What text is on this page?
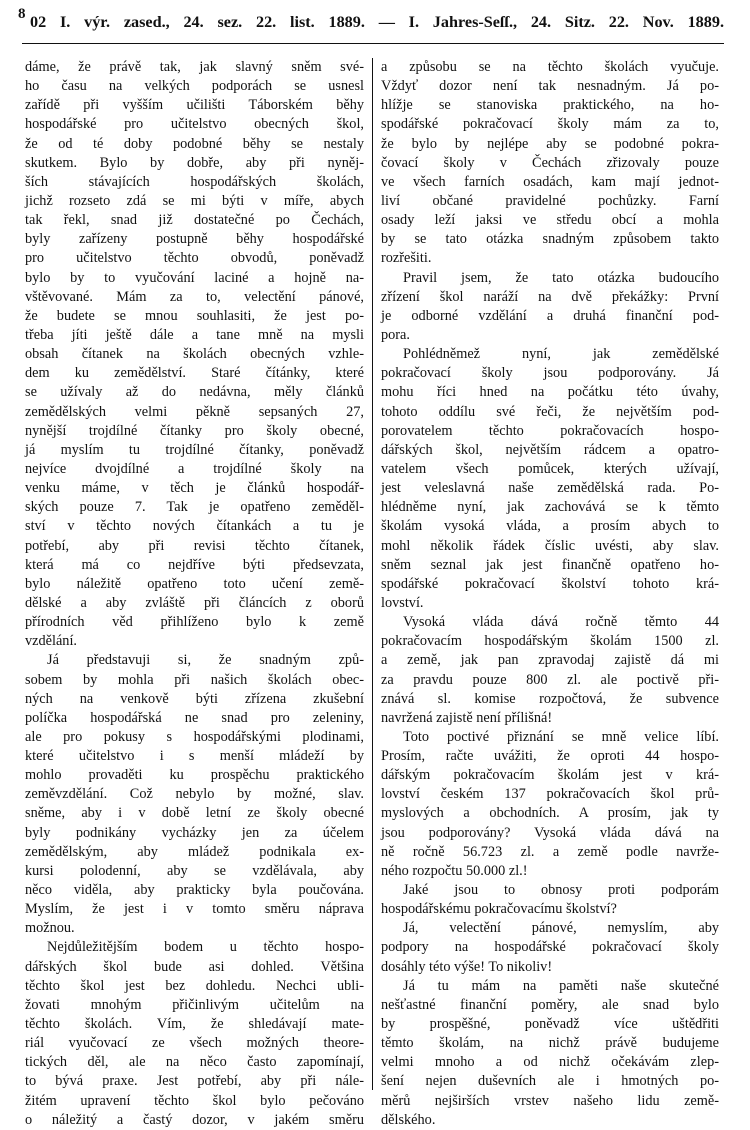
8 02 I. výr. zased., 24. sez. 22. list. 1889. — I. Jahres-Seſſ., 24. Sitz. 22. Nov. 1889.
dáme, že právě tak, jak slavný sněm své-
ho času na velkých podporách se usnesl
zařídě při vyšším učilišti Táborském běhy
hospodářské pro učitelstvo obecných škol,
že od té doby podobné běhy se nestaly
skutkem. Bylo by dobře, aby při nyněj-
ších stávajících hospodářských školách,
jichž rozseto zdá se mi býti v míře, abych
tak řekl, snad již dostatečné po Čechách,
byly zařízeny postupně běhy hospodářské
pro učitelstvo těchto obvodů, poněvadž
bylo by to vyučování laciné a hojně na-
vštěvované. Mám za to, velectění pánové,
že budete se mnou souhlasiti, že jest po-
třeba jíti ještě dále a tane mně na mysli
obsah čítanek na školách obecných vzhle-
dem ku zemědělství. Staré čítánky, které
se užívaly až do nedávna, měly článků
zemědělských velmi pěkně sepsaných 27,
nynější trojdílné čítanky pro školy obecné,
já myslím tu trojdílné čítanky, poněvadž
nejvíce dvojdílné a trojdílné školy na
venku máme, v těch je článků hospodář-
ských pouze 7. Tak je opatřeno zeměděl-
ství v těchto nových čítankách a tu je
potřebí, aby při revisi těchto čítanek,
která má co nejdříve býti předsevzata,
bylo náležitě opatřeno toto učení země-
dělské a aby zvláště při článcích z oborů
přírodních věd přihlíženo bylo k země
vzdělání.
Já představuji si, že snadným způ-
sobem by mohla při našich školách obec-
ných na venkově býti zřízena zkušební
políčka hospodářská ne snad pro zeleniny,
ale pro pokusy s hospodářskými plodinami,
které učitelstvo i s menší mládeží by
mohlo provaděti ku prospěchu praktického
zeměvzdělání. Což nebylo by možné, slav.
sněme, aby i v době letní ze školy obecné
byly podnikány vycházky jen za účelem
zemědělským, aby mládež podnikala ex-
kursi polodenní, aby se vzdělávala, aby
něco viděla, aby prakticky byla poučována.
Myslím, že jest i v tomto směru náprava
možnou.
Nejdůležitějším bodem u těchto hospo-
dářských škol bude asi dohled. Většina
těchto škol jest bez dohledu. Nechci ubli-
žovati mnohým přičinlivým učitelům na
těchto školách. Vím, že shledávají mate-
riál vyučovací ze všech možných theore-
tických děl, ale na něco často zapomínají,
to bývá praxe. Jest potřebí, aby při nále-
žitém upravení těchto škol bylo pečováno
o náležitý a častý dozor, v jakém směru
a způsobu se na těchto školách vyučuje.
Vždyť dozor není tak nesnadným. Já po-
hlížje se stanoviska praktického, na ho-
spodářské pokračovací školy mám za to,
že bylo by nejlépe aby se podobné pokra-
čovací školy v Čechách zřizovaly pouze
ve všech farních osadách, kam mají jednot-
liví občané pravidelné pochůzky. Farní
osady leží jaksi ve středu obcí a mohla
by se tato otázka snadným způsobem takto
rozřešiti.
Pravil jsem, že tato otázka budoucího
zřízení škol naráží na dvě překážky: První
je odborné vzdělání a druhá finanční pod-
pora.
Pohlédněmež nyní, jak zemědělské
pokračovací školy jsou podporovány. Já
mohu říci hned na počátku této úvahy,
tohoto oddílu své řeči, že největším pod-
porovatelem těchto pokračovacích hospo-
dářských škol, největším rádcem a opatro-
vatelem všech pomůcek, kterých užívají,
jest veleslavná naše zemědělská rada. Po-
hlédněme nyní, jak zachovává se k těmto
školám vysoká vláda, a prosím abych to
mohl několik řádek číslic uvésti, aby slav.
sněm seznal jak jest finančně opatřeno ho-
spodářské pokračovací školství tohoto krá-
lovství.
Vysoká vláda dává ročně těmto 44
pokračovacím hospodářským školám 1500 zl.
a země, jak pan zpravodaj zajistě dá mi
za pravdu pouze 800 zl. ale poctivě při-
znává sl. komise rozpočtová, že subvence
navržená zajistě není přílišná!
Toto poctivé přiznání se mně velice líbí.
Prosím, račte uvážiti, že oproti 44 hospo-
dářským pokračovacím školám jest v krá-
lovství českém 137 pokračovacích škol prů-
myslových a obchodních. A prosím, jak ty
jsou podporovány? Vysoká vláda dává na
ně ročně 56.723 zl. a země podle navrže-
ného rozpočtu 50.000 zl.!
Jaké jsou to obnosy proti podporám
hospodářskému pokračovacímu školství?
Já, velectění pánové, nemyslím, aby
podpory na hospodářské pokračovací školy
dosáhly této výše! To nikoliv!
Já tu mám na paměti naše skutečné
nešťastné finanční poměry, ale snad bylo
by prospěšné, poněvadž více uštědřiti
těmto školám, na nichž právě budujeme
velmi mnoho a od nichž očekávám zlep-
šení nejen duševních ale i hmotných po-
měrů nejširších vrstev našeho lidu země-
dělského.
